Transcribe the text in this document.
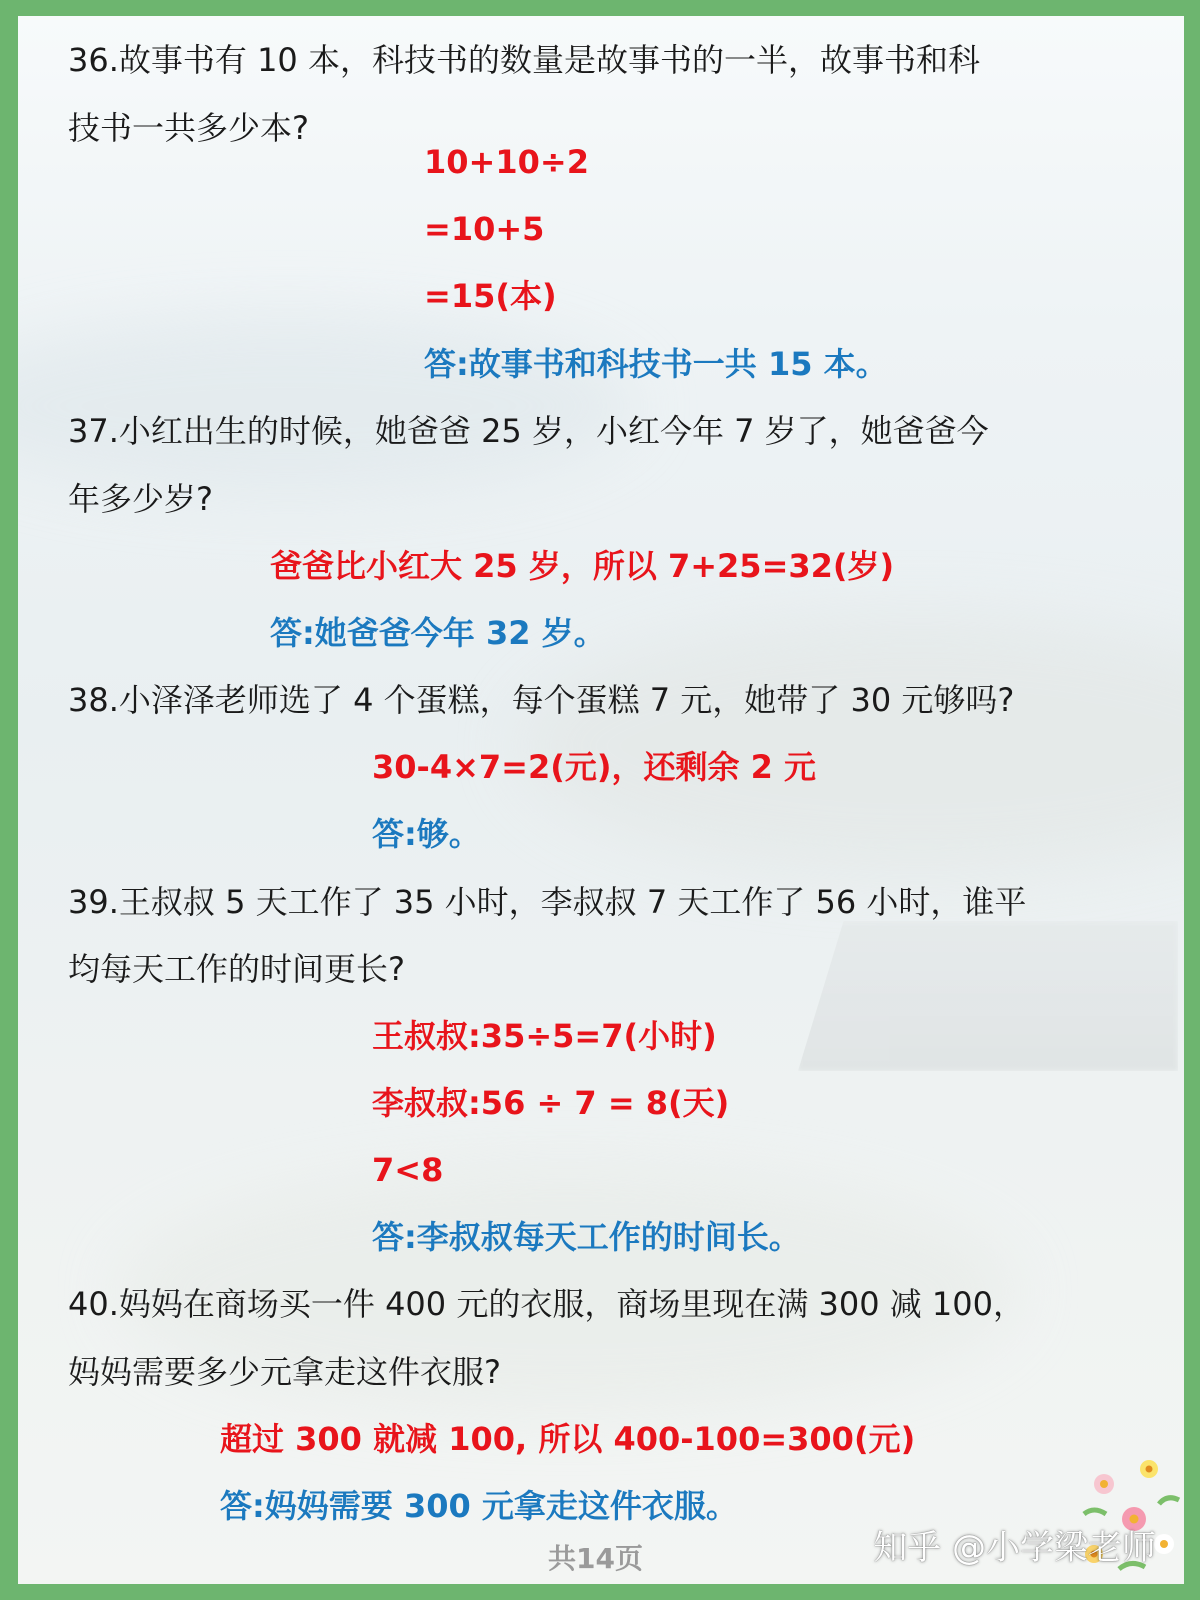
36.故事书有 10 本，科技书的数量是故事书的一半，故事书和科
技书一共多少本?
10+10÷2
=10+5
=15(本)
答:故事书和科技书一共 15 本。
37.小红出生的时候，她爸爸 25 岁，小红今年 7 岁了，她爸爸今
年多少岁?
爸爸比小红大 25 岁，所以 7+25=32(岁)
答:她爸爸今年 32 岁。
38.小泽泽老师选了 4 个蛋糕，每个蛋糕 7 元，她带了 30 元够吗?
30-4×7=2(元)，还剩余 2 元
答:够。
39.王叔叔 5 天工作了 35 小时，李叔叔 7 天工作了 56 小时，谁平
均每天工作的时间更长?
王叔叔:35÷5=7(小时)
李叔叔:56 ÷ 7 = 8(天)
7<8
答:李叔叔每天工作的时间长。
40.妈妈在商场买一件 400 元的衣服，商场里现在满 300 减 100，
妈妈需要多少元拿走这件衣服?
超过 300 就减 100, 所以 400-100=300(元)
答:妈妈需要 300 元拿走这件衣服。
共14页	知乎 @小学梁老师
